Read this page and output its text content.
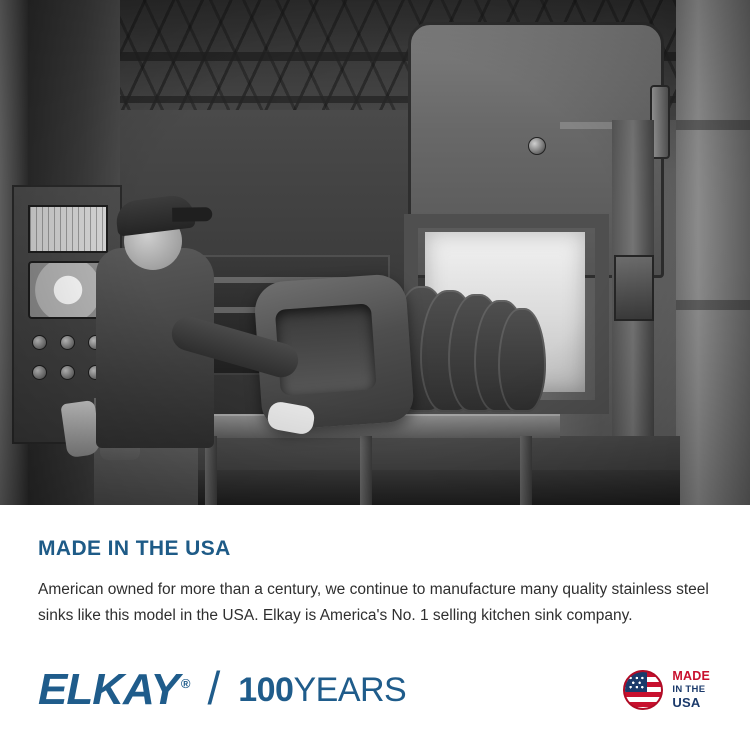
MADE IN THE USA

American owned for more than a century, we continue to manufacture many quality stainless steel sinks like this model in the USA. Elkay is America's No. 1 selling kitchen sink company.

ELKAY ® / 100YEARS	MADE
IN THE
USA
